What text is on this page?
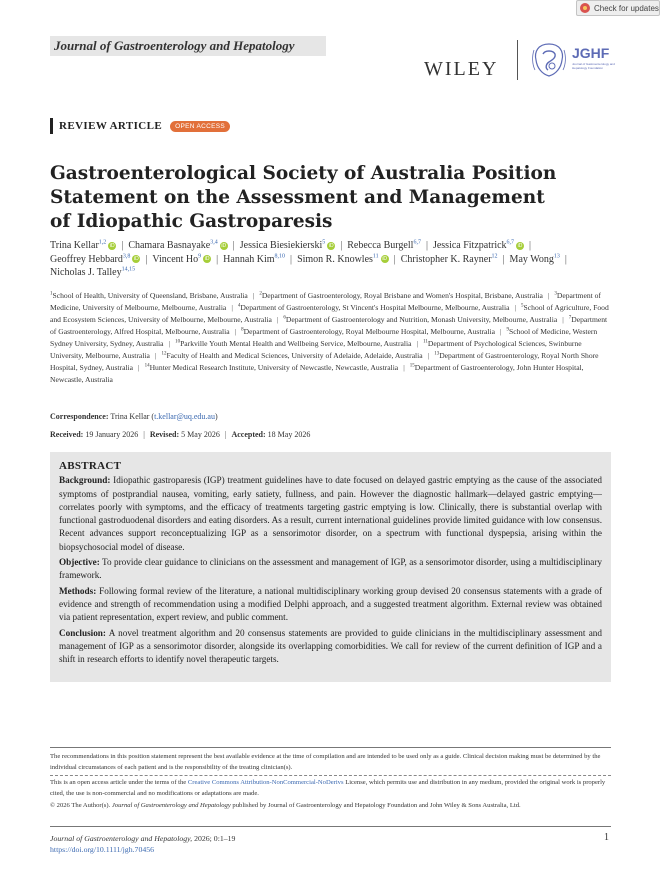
Check for updates
Journal of Gastroenterology and Hepatology
WILEY
JGHF
Journal of Gastroenterology and Hepatology Foundation
REVIEW ARTICLE	OPEN ACCESS
Gastroenterological Society of Australia Position Statement on the Assessment and Management of Idiopathic Gastroparesis
Trina Kellar$^{1,2}$iD | Chamara Basnayake$^{3,4}$iD | Jessica Biesiekierski$^5$iD | Rebecca Burgell$^{6,7}$ | Jessica Fitzpatrick$^{6,7}$iD |
Geoffrey Hebbard$^{3,8}$iD | Vincent Ho$^9$iD | Hannah Kim$^{8,10}$ | Simon R. Knowles$^{11}$iD | Christopher K. Rayner$^{12}$ | May Wong$^{13}$ |
Nicholas J. Talley$^{14,15}$
$^1$School of Health, University of Queensland, Brisbane, Australia | $^2$Department of Gastroenterology, Royal Brisbane and Women's Hospital, Brisbane, Australia | $^3$Department of Medicine, University of Melbourne, Melbourne, Australia | $^4$Department of Gastroenterology, St Vincent's Hospital Melbourne, Melbourne, Australia | $^5$School of Agriculture, Food and Ecosystem Sciences, University of Melbourne, Melbourne, Australia | $^6$Department of Gastroenterology and Nutrition, Monash University, Melbourne, Australia | $^7$Department of Gastroenterology, Alfred Hospital, Melbourne, Australia | $^8$Department of Gastroenterology, Royal Melbourne Hospital, Melbourne, Australia | $^9$School of Medicine, Western Sydney University, Sydney, Australia | $^{10}$Parkville Youth Mental Health and Wellbeing Service, Melbourne, Australia | $^{11}$Department of Psychological Sciences, Swinburne University, Melbourne, Australia | $^{12}$Faculty of Health and Medical Sciences, University of Adelaide, Adelaide, Australia | $^{13}$Department of Gastroenterology, Royal North Shore Hospital, Sydney, Australia | $^{14}$Hunter Medical Research Institute, University of Newcastle, Newcastle, Australia | $^{15}$Department of Gastroenterology, John Hunter Hospital, Newcastle, Australia
Correspondence: Trina Kellar (t.kellar@uq.edu.au)
Received: 19 January 2026 | Revised: 5 May 2026 | Accepted: 18 May 2026
ABSTRACT

Background: Idiopathic gastroparesis (IGP) treatment guidelines have to date focused on delayed gastric emptying as the cause of the associated symptoms of postprandial nausea, vomiting, early satiety, fullness, and pain. However the diagnostic hallmark—delayed gastric emptying—correlates poorly with symptoms, and the efficacy of treatments targeting gastric emptying is low. Clinically, there is substantial overlap with functional gastroduodenal disorders and eating disorders. As a result, current international guidelines provide limited guidance with low consensus. Recent advances support reconceptualizing IGP as a sensorimotor disorder, on a spectrum with functional dyspepsia, arising within the biopsychosocial model of disease.

Objective: To provide clear guidance to clinicians on the assessment and management of IGP, as a sensorimotor disorder, using a multidisciplinary framework.

Methods: Following formal review of the literature, a national multidisciplinary working group devised 20 consensus statements with a grade of evidence and strength of recommendation using a modified Delphi approach, and a suggested treatment algorithm. External review was obtained via patient representation, expert review, and public comment.

Conclusion: A novel treatment algorithm and 20 consensus statements are provided to guide clinicians in the multidisciplinary assessment and management of IGP as a sensorimotor disorder, alongside its overlapping comorbidities. We call for review of the current definition of IGP and a shift in research efforts to identify novel therapeutic targets.

The recommendations in this position statement represent the best available evidence at the time of compilation and are intended to be used only as a guide. Clinical decision making must be determined by the individual circumstances of each patient and is the responsibility of the treating clinician(s).
This is an open access article under the terms of the Creative Commons Attribution-NonCommercial-NoDerivs License, which permits use and distribution in any medium, provided the original work is properly cited, the use is non-commercial and no modifications or adaptations are made.
© 2026 The Author(s). Journal of Gastroenterology and Hepatology published by Journal of Gastroenterology and Hepatology Foundation and John Wiley & Sons Australia, Ltd.
Journal of Gastroenterology and Hepatology, 2026; 0:1–19
https://doi.org/10.1111/jgh.70456
1
